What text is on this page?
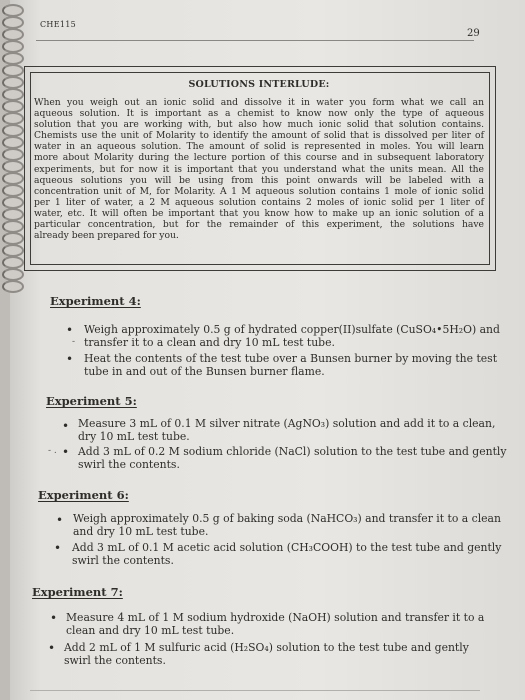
CHE115
29
SOLUTIONS INTERLUDE:
When you weigh out an ionic solid and dissolve it in water you form what we call an
aqueous solution. It is important as a chemist to know now only the type of aqueous
solution that you are working with, but also how much ionic solid that solution contains.
Chemists use the unit of Molarity to identify the amount of solid that is dissolved per liter of
water in an aqueous solution. The amount of solid is represented in moles. You will learn
more about Molarity during the lecture portion of this course and in subsequent laboratory
experiments, but for now it is important that you understand what the units mean. All the
aqueous solutions you will be using from this point onwards will be labeled with a
concentration unit of M, for Molarity. A 1 M aqueous solution contains 1 mole of ionic solid
per 1 liter of water, a 2 M aqueous solution contains 2 moles of ionic solid per 1 liter of
water, etc. It will often be important that you know how to make up an ionic solution of a
particular concentration, but for the remainder of this experiment, the solutions have
already been prepared for you.
Experiment 4:
• Weigh approximately 0.5 g of hydrated copper(II)sulfate (CuSO₄•5H₂O) and
transfer it to a clean and dry 10 mL test tube.
-
• Heat the contents of the test tube over a Bunsen burner by moving the test
tube in and out of the Bunsen burner flame.
Experiment 5:
• Measure 3 mL of 0.1 M silver nitrate (AgNO₃) solution and add it to a clean,
dry 10 mL test tube.
- . • Add 3 mL of 0.2 M sodium chloride (NaCl) solution to the test tube and gently
swirl the contents.
Experiment 6:
• Weigh approximately 0.5 g of baking soda (NaHCO₃) and transfer it to a clean
and dry 10 mL test tube.
• Add 3 mL of 0.1 M acetic acid solution (CH₃COOH) to the test tube and gently
swirl the contents.
Experiment 7:
• Measure 4 mL of 1 M sodium hydroxide (NaOH) solution and transfer it to a
clean and dry 10 mL test tube.
• Add 2 mL of 1 M sulfuric acid (H₂SO₄) solution to the test tube and gently
swirl the contents.
